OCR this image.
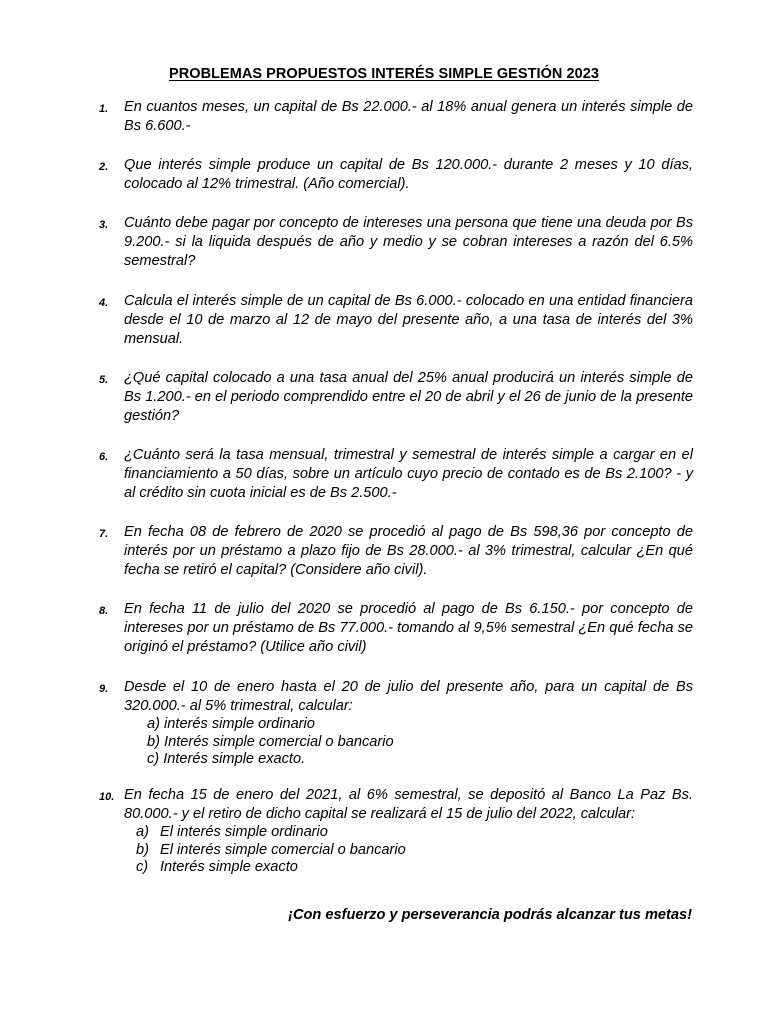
PROBLEMAS PROPUESTOS INTERÉS SIMPLE GESTIÓN 2023
1.	En cuantos meses, un capital de Bs 22.000.- al 18% anual genera un interés simple de Bs 6.600.-
2.	Que interés simple produce un capital de Bs 120.000.- durante 2 meses y 10 días, colocado al 12% trimestral. (Año comercial).
3.	Cuánto debe pagar por concepto de intereses una persona que tiene una deuda por Bs 9.200.- si la liquida después de año y medio y se cobran intereses a razón del 6.5% semestral?
4.	Calcula el interés simple de un capital de Bs 6.000.- colocado en una entidad financiera desde el 10 de marzo al 12 de mayo del presente año, a una tasa de interés del 3% mensual.
5.	¿Qué capital colocado a una tasa anual del 25% anual producirá un interés simple de Bs 1.200.- en el periodo comprendido entre el 20 de abril y el 26 de junio de la presente gestión?
6.	¿Cuánto será la tasa mensual, trimestral y semestral de interés simple a cargar en el financiamiento a 50 días, sobre un artículo cuyo precio de contado es de Bs 2.100? - y al crédito sin cuota inicial es de Bs 2.500.-
7.	En fecha 08 de febrero de 2020 se procedió al pago de Bs 598,36 por concepto de interés por un préstamo a plazo fijo de Bs 28.000.- al 3% trimestral, calcular ¿En qué fecha se retiró el capital? (Considere año civil).
8.	En fecha 11 de julio del 2020 se procedió al pago de Bs 6.150.- por concepto de intereses por un préstamo de Bs 77.000.- tomando al 9,5% semestral ¿En qué fecha se originó el préstamo? (Utilice año civil)
9.	Desde el 10 de enero hasta el 20 de julio del presente año, para un capital de Bs 320.000.- al 5% trimestral, calcular:
a) interés simple ordinario
b) Interés simple comercial o bancario
c) Interés simple exacto.
10. En fecha 15 de enero del 2021, al 6% semestral, se depositó al Banco La Paz Bs. 80.000.- y el retiro de dicho capital se realizará el 15 de julio del 2022, calcular:
a) El interés simple ordinario
b) El interés simple comercial o bancario
c) Interés simple exacto
¡Con esfuerzo y perseverancia podrás alcanzar tus metas!
